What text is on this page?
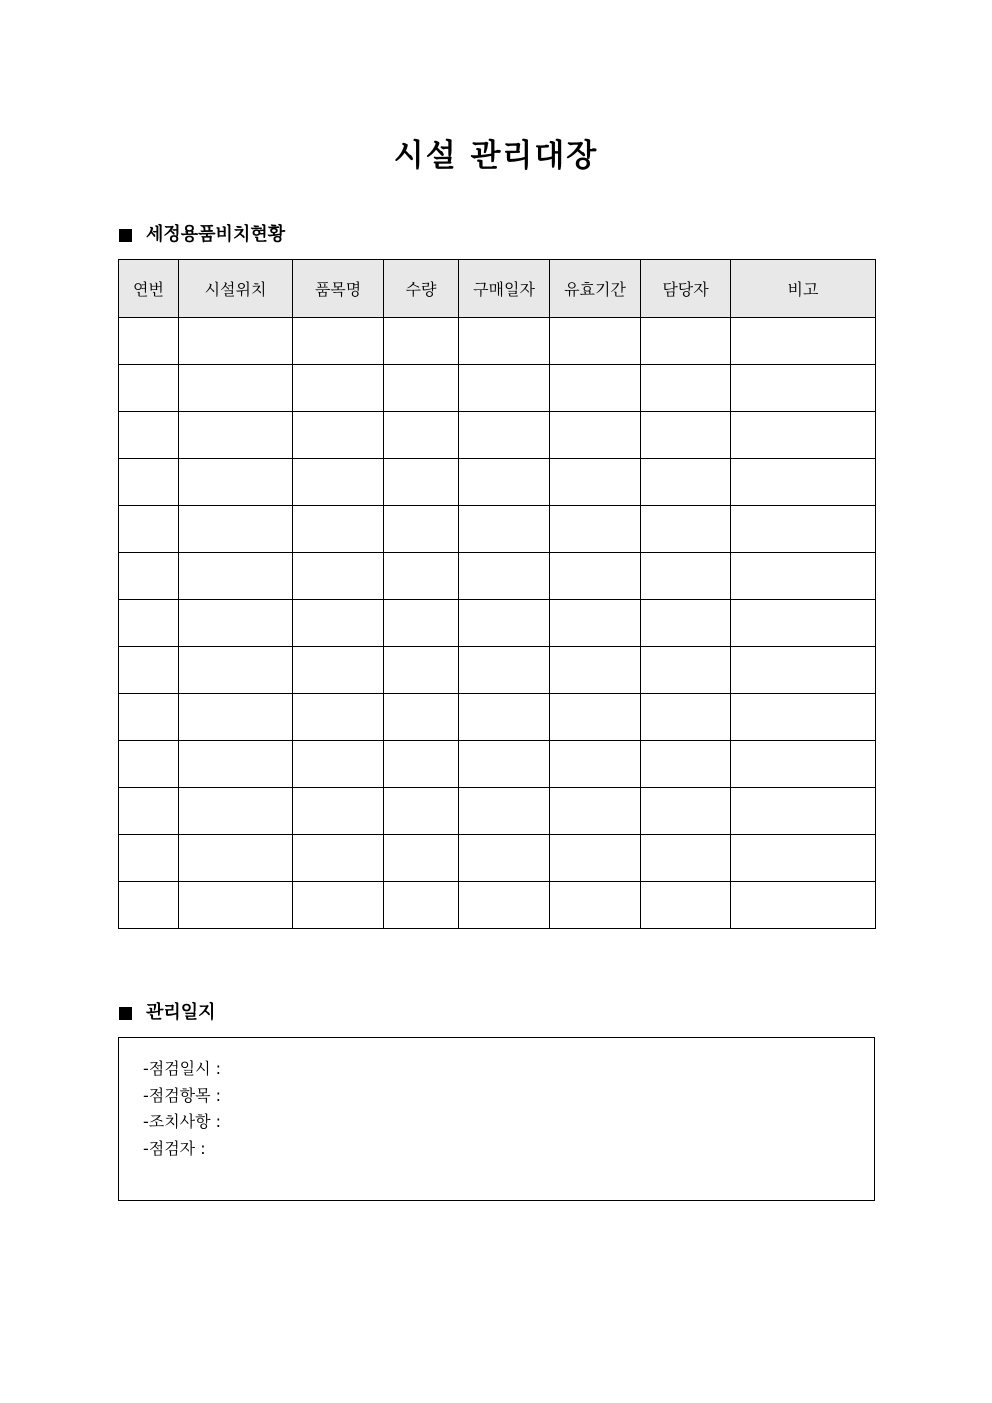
시설 관리대장
세정용품비치현황
연번	시설위치	품목명	수량	구매일자	유효기간	담당자	비고

관리일지
-점검일시 :
-점검항목 :
-조치사항 :
-점검자 :
